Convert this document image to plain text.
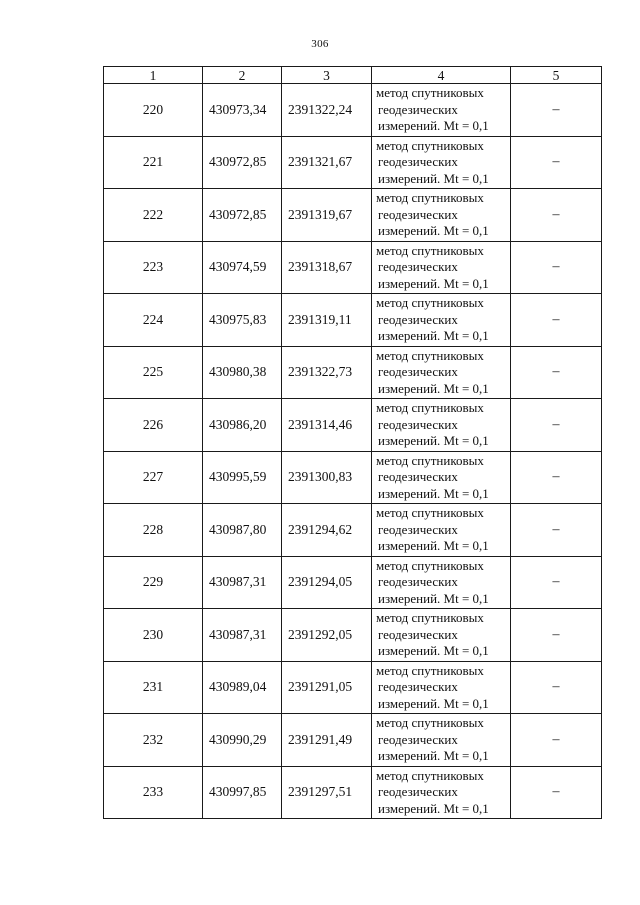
306
1	2	3	4	5
220	430973,34	2391322,24	метод спутниковых
геодезических
измерений. Mt = 0,1	–
221	430972,85	2391321,67	метод спутниковых
геодезических
измерений. Mt = 0,1	–
222	430972,85	2391319,67	метод спутниковых
геодезических
измерений. Mt = 0,1	–
223	430974,59	2391318,67	метод спутниковых
геодезических
измерений. Mt = 0,1	–
224	430975,83	2391319,11	метод спутниковых
геодезических
измерений. Mt = 0,1	–
225	430980,38	2391322,73	метод спутниковых
геодезических
измерений. Mt = 0,1	–
226	430986,20	2391314,46	метод спутниковых
геодезических
измерений. Mt = 0,1	–
227	430995,59	2391300,83	метод спутниковых
геодезических
измерений. Mt = 0,1	–
228	430987,80	2391294,62	метод спутниковых
геодезических
измерений. Mt = 0,1	–
229	430987,31	2391294,05	метод спутниковых
геодезических
измерений. Mt = 0,1	–
230	430987,31	2391292,05	метод спутниковых
геодезических
измерений. Mt = 0,1	–
231	430989,04	2391291,05	метод спутниковых
геодезических
измерений. Mt = 0,1	–
232	430990,29	2391291,49	метод спутниковых
геодезических
измерений. Mt = 0,1	–
233	430997,85	2391297,51	метод спутниковых
геодезических
измерений. Mt = 0,1	–
